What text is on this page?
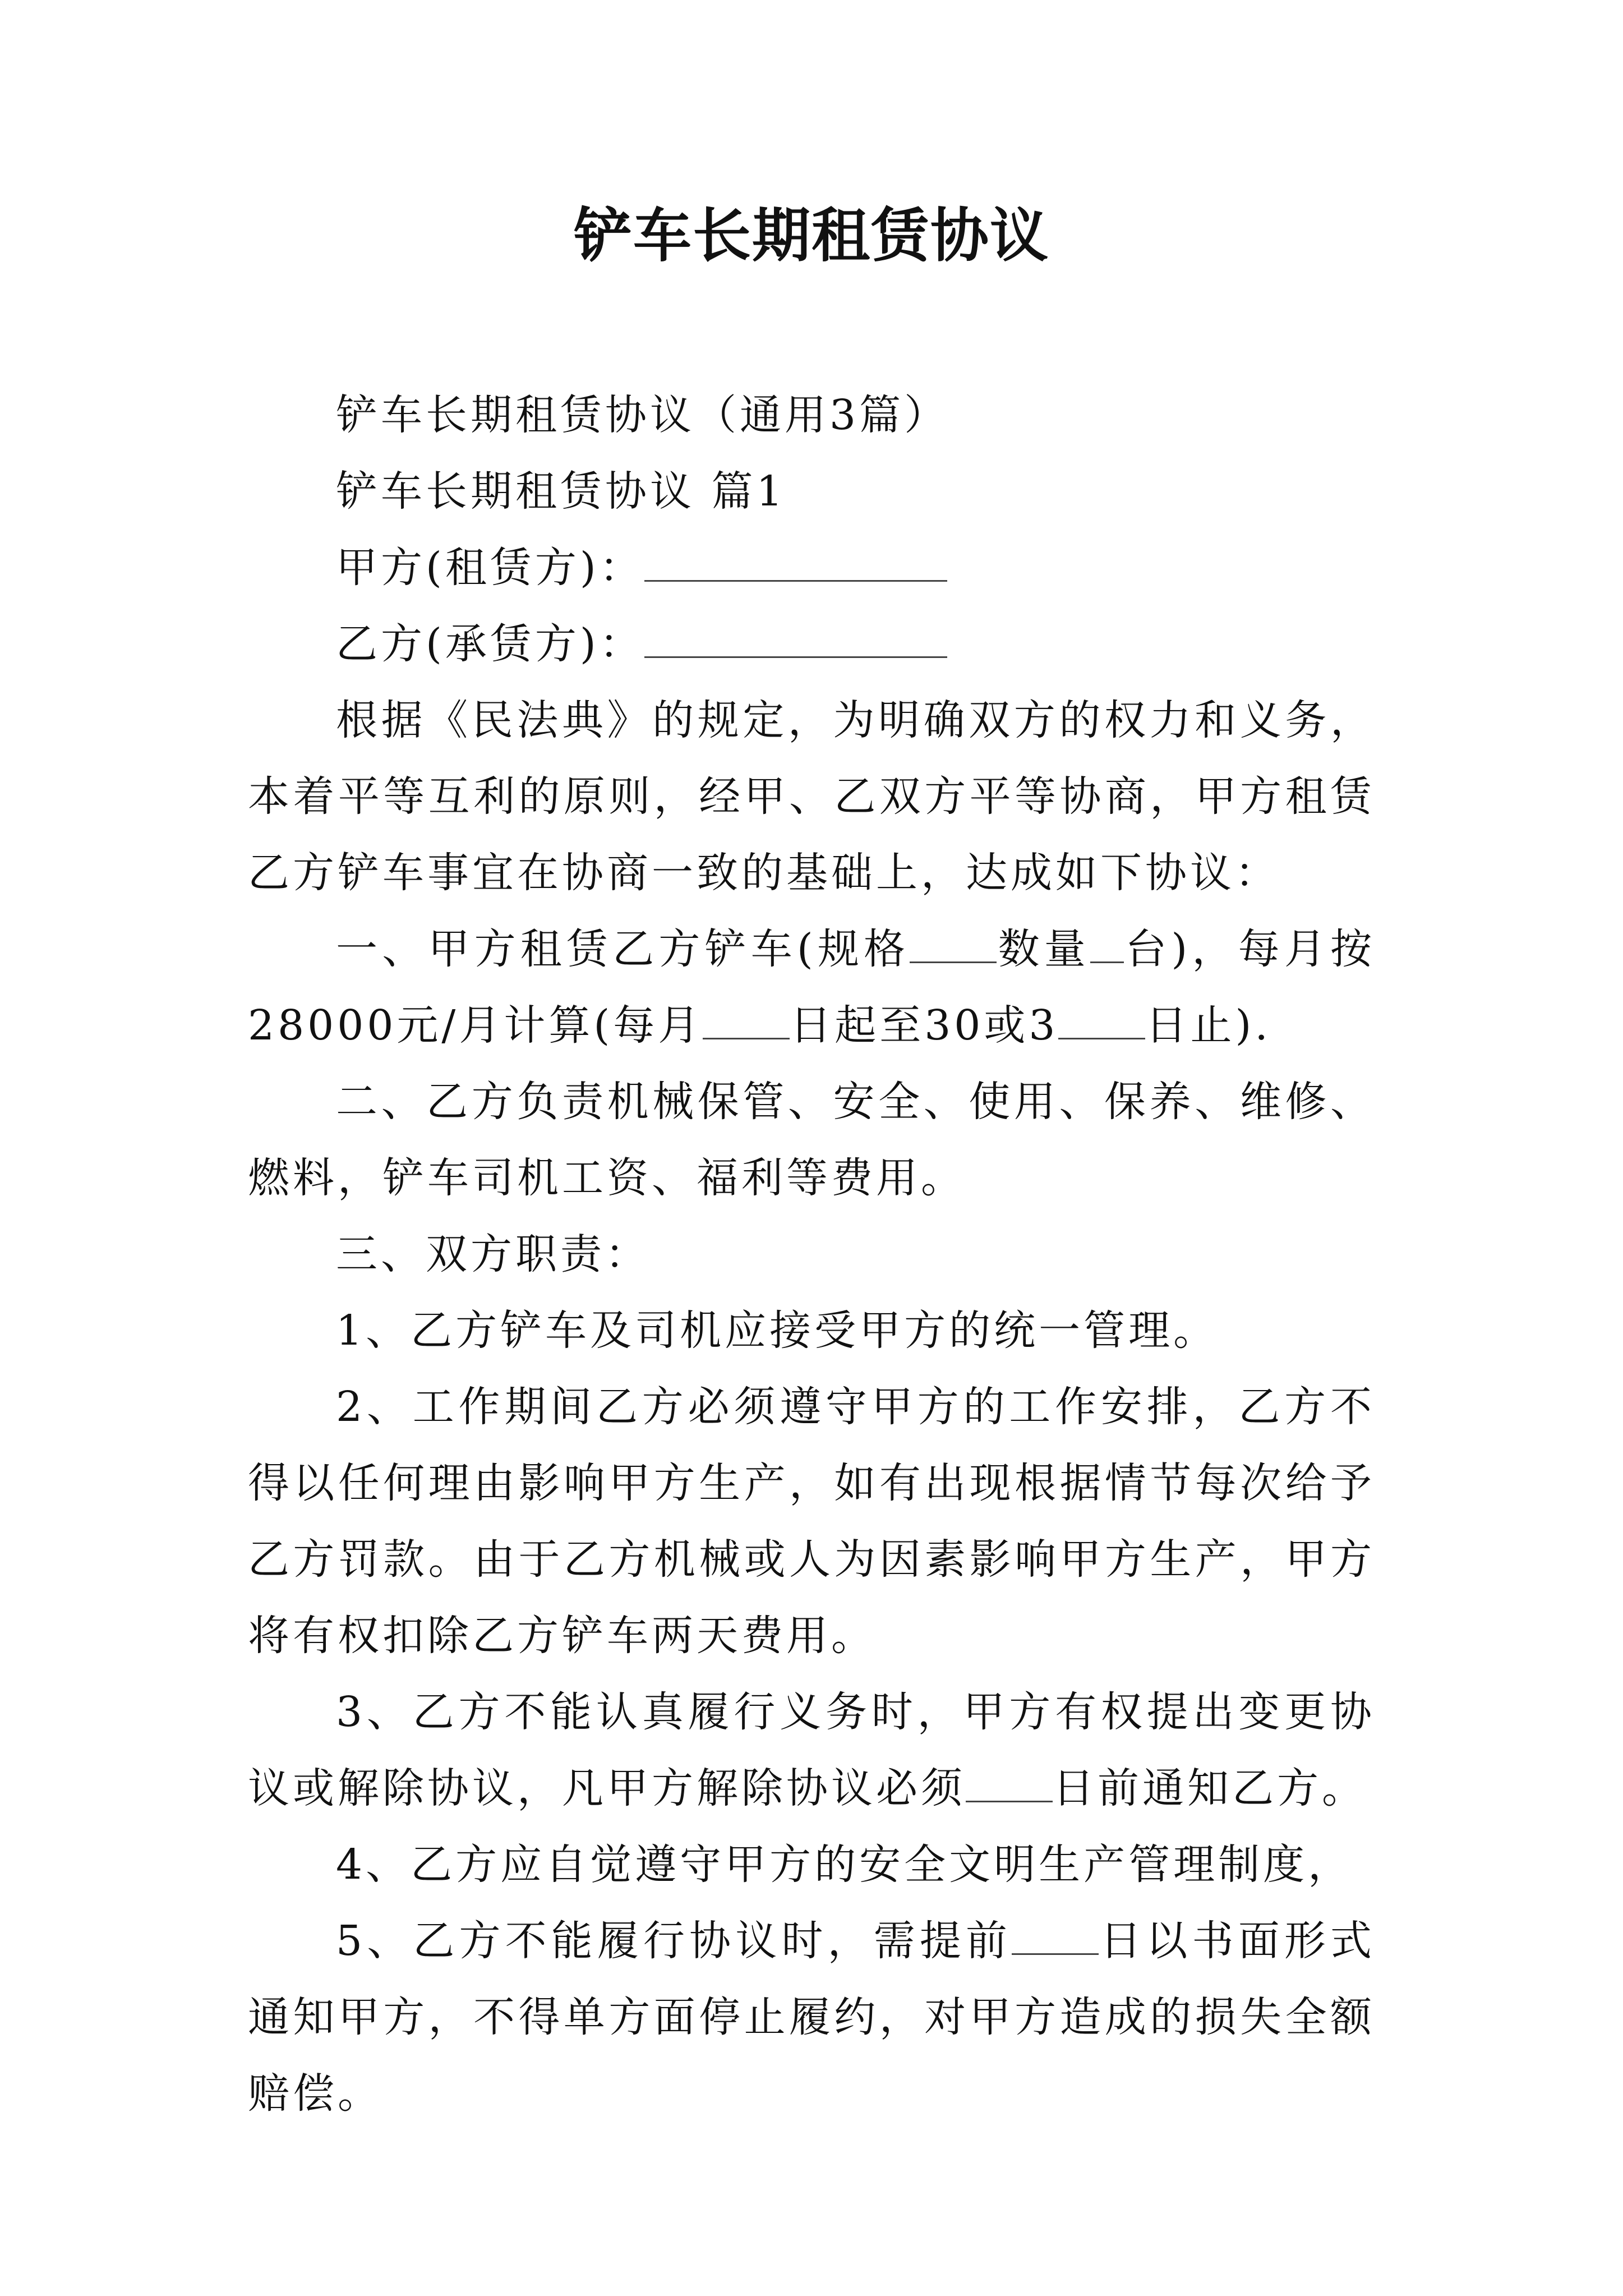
铲车长期租赁协议

铲车长期租赁协议（通用3篇）

铲车长期租赁协议 篇1

甲方(租赁方)：

乙方(承赁方)：

根据《民法典》的规定，为明确双方的权力和义务，本着平等互利的原则，经甲、乙双方平等协商，甲方租赁乙方铲车事宜在协商一致的基础上，达成如下协议：

一、甲方租赁乙方铲车(规格 数量 台)，每月按28000元/月计算(每月 日起至30或3 日止).

二、乙方负责机械保管、安全、使用、保养、维修、燃料，铲车司机工资、福利等费用。

三、双方职责：

1、乙方铲车及司机应接受甲方的统一管理。

2、工作期间乙方必须遵守甲方的工作安排，乙方不得以任何理由影响甲方生产，如有出现根据情节每次给予乙方罚款。由于乙方机械或人为因素影响甲方生产，甲方将有权扣除乙方铲车两天费用。

3、乙方不能认真履行义务时，甲方有权提出变更协议或解除协议，凡甲方解除协议必须 日前通知乙方。

4、乙方应自觉遵守甲方的安全文明生产管理制度，

5、乙方不能履行协议时，需提前 日以书面形式通知甲方，不得单方面停止履约，对甲方造成的损失全额赔偿。
